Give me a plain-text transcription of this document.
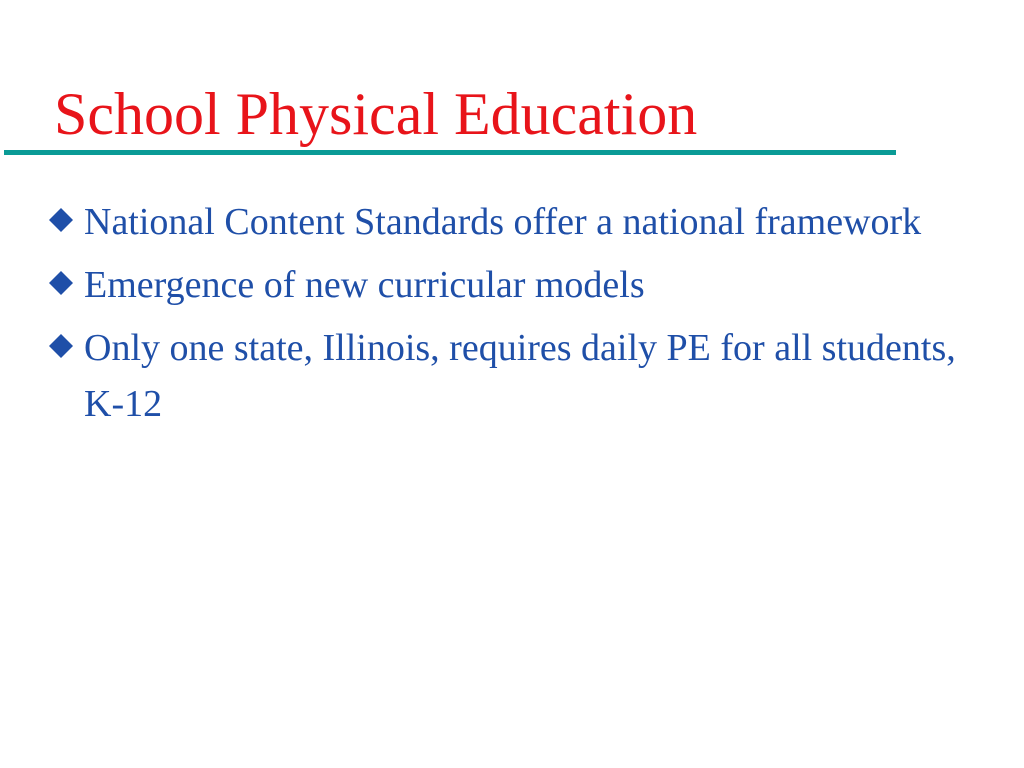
School Physical Education
National Content Standards offer a national framework
Emergence of new curricular models
Only one state, Illinois, requires daily PE for all students, K-12
